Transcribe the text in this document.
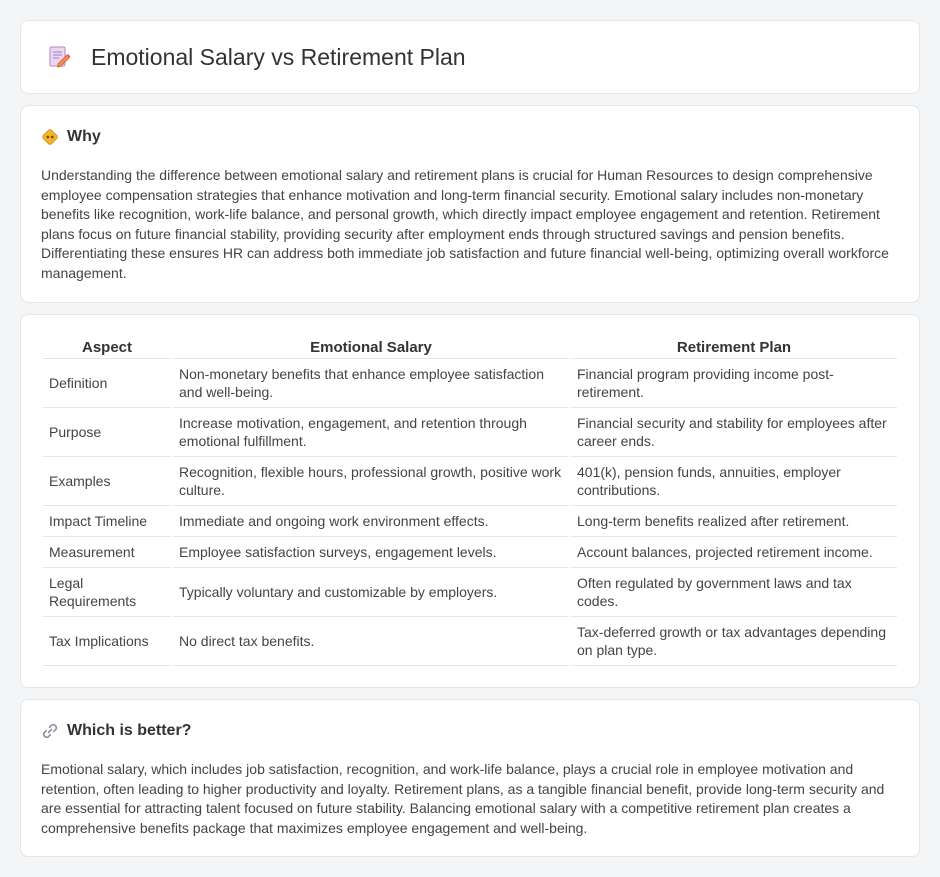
Emotional Salary vs Retirement Plan
Why

Understanding the difference between emotional salary and retirement plans is crucial for Human Resources to design comprehensive employee compensation strategies that enhance motivation and long-term financial security. Emotional salary includes non-monetary benefits like recognition, work-life balance, and personal growth, which directly impact employee engagement and retention. Retirement plans focus on future financial stability, providing security after employment ends through structured savings and pension benefits. Differentiating these ensures HR can address both immediate job satisfaction and future financial well-being, optimizing overall workforce management.

Aspect	Emotional Salary	Retirement Plan
Definition	Non-monetary benefits that enhance employee satisfaction and well-being.	Financial program providing income post-retirement.
Purpose	Increase motivation, engagement, and retention through emotional fulfillment.	Financial security and stability for employees after career ends.
Examples	Recognition, flexible hours, professional growth, positive work culture.	401(k), pension funds, annuities, employer contributions.
Impact Timeline	Immediate and ongoing work environment effects.	Long-term benefits realized after retirement.
Measurement	Employee satisfaction surveys, engagement levels.	Account balances, projected retirement income.
Legal Requirements	Typically voluntary and customizable by employers.	Often regulated by government laws and tax codes.
Tax Implications	No direct tax benefits.	Tax-deferred growth or tax advantages depending on plan type.
Which is better?

Emotional salary, which includes job satisfaction, recognition, and work-life balance, plays a crucial role in employee motivation and retention, often leading to higher productivity and loyalty. Retirement plans, as a tangible financial benefit, provide long-term security and are essential for attracting talent focused on future stability. Balancing emotional salary with a competitive retirement plan creates a comprehensive benefits package that maximizes employee engagement and well-being.
